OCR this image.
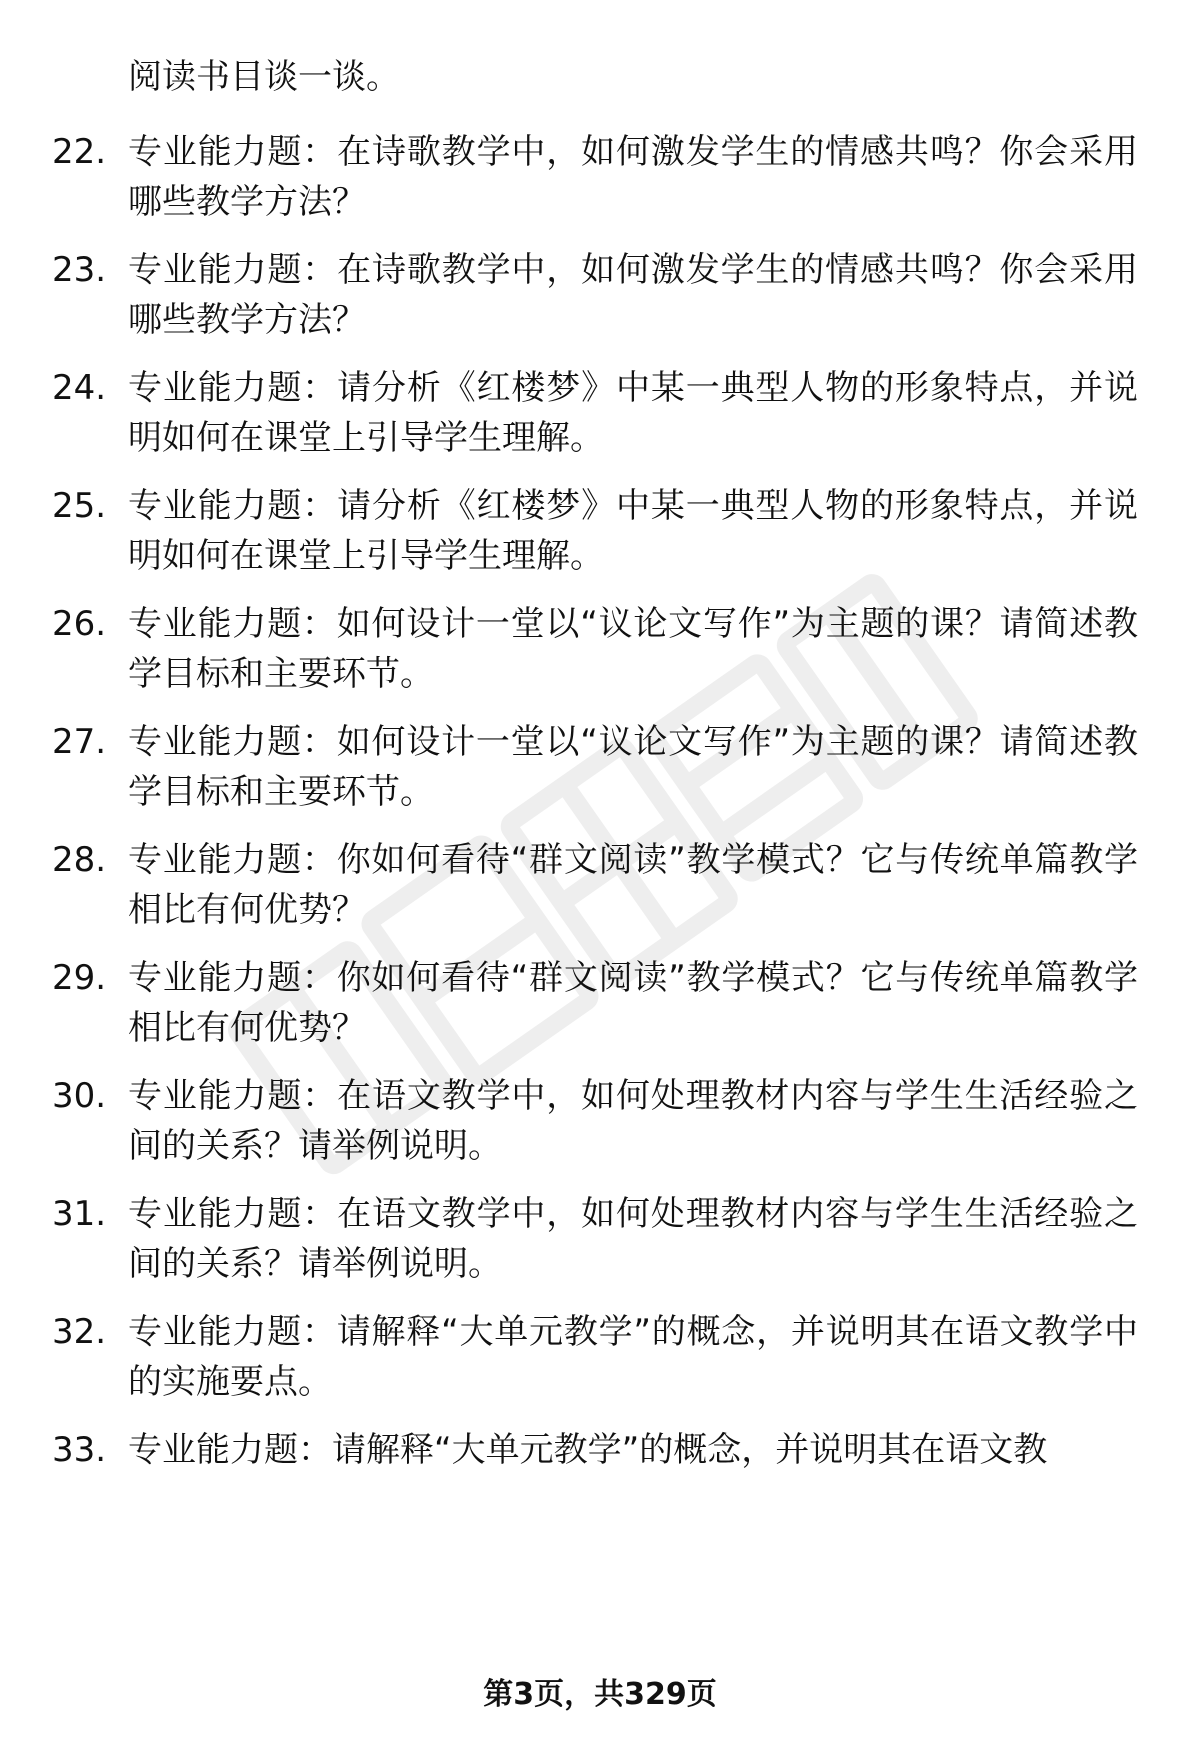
阅读书目谈一谈。
22. 专业能力题：在诗歌教学中，如何激发学生的情感共鸣？你会采用哪些教学方法？
23. 专业能力题：在诗歌教学中，如何激发学生的情感共鸣？你会采用哪些教学方法？
24. 专业能力题：请分析《红楼梦》中某一典型人物的形象特点，并说明如何在课堂上引导学生理解。
25. 专业能力题：请分析《红楼梦》中某一典型人物的形象特点，并说明如何在课堂上引导学生理解。
26. 专业能力题：如何设计一堂以“议论文写作”为主题的课？请简述教学目标和主要环节。
27. 专业能力题：如何设计一堂以“议论文写作”为主题的课？请简述教学目标和主要环节。
28. 专业能力题：你如何看待“群文阅读”教学模式？它与传统单篇教学相比有何优势？
29. 专业能力题：你如何看待“群文阅读”教学模式？它与传统单篇教学相比有何优势？
30. 专业能力题：在语文教学中，如何处理教材内容与学生生活经验之间的关系？请举例说明。
31. 专业能力题：在语文教学中，如何处理教材内容与学生生活经验之间的关系？请举例说明。
32. 专业能力题：请解释“大单元教学”的概念，并说明其在语文教学中的实施要点。
33. 专业能力题：请解释“大单元教学”的概念，并说明其在语文教
第3页，共329页
